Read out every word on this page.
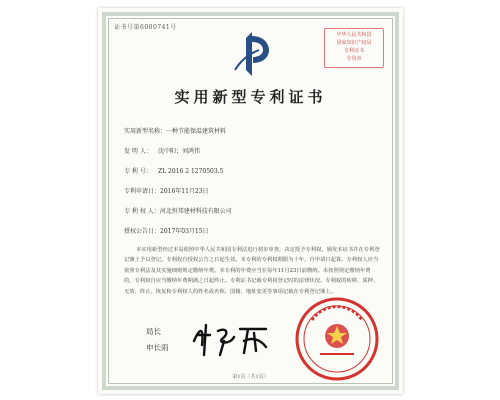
证书号第6000741号
中华人民共和国
国家知识产权局
专利证书
专用章
实用新型专利证书
实用新型名称：一种节能保温建筑材料
发 明 人： 沈中阳；刘鸿伟
专 利 号： ZL 2016 2 1270503.5
专利申请日：2016年11月23日
专 利 权 人：河北恒邦建材科技有限公司
授权公告日：2017年03月15日
本实用新型经过本局依照中华人民共和国专利法进行初步审查，决定授予专利权，颁发本证书并在专利登记簿上予以登记。专利权自授权公告之日起生效。本专利的专利权期限为十年，自申请日起算。专利权人应当依照专利法及其实施细则规定缴纳年费。本专利的年费应当在每年11月23日前缴纳。未按照规定缴纳年费的，专利权自应当缴纳年费期满之日起终止。专利证书记载专利权登记时的法律状况。专利权的转移、质押、无效、终止、恢复和专利权人的姓名或名称、国籍、地址变更等事项记载在专利登记簿上。
局长
申长雨
第1页（共1页）
